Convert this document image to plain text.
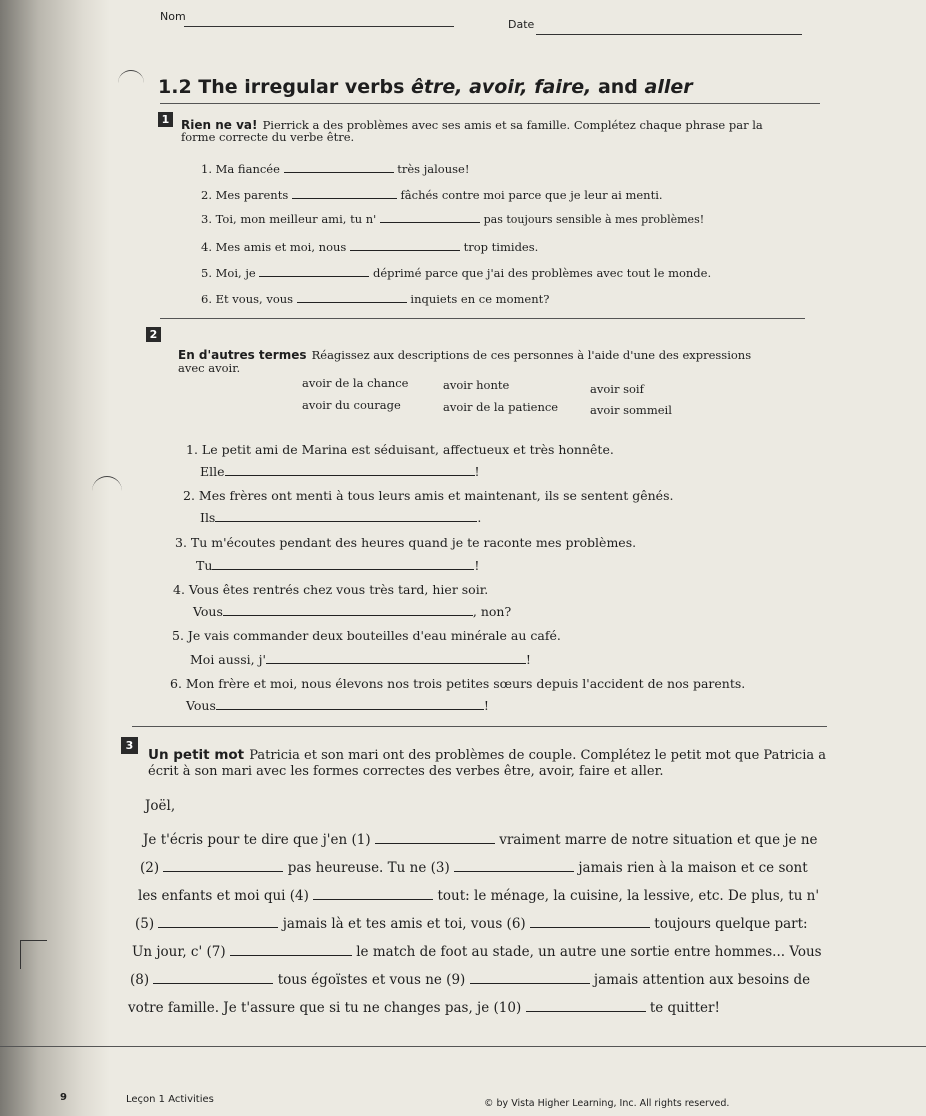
Nom
Date
1.2 The irregular verbs être, avoir, faire, and aller
1 Rien ne va! Pierrick a des problèmes avec ses amis et sa famille. Complétez chaque phrase par la
forme correcte du verbe être.
1. Ma fiancée	très jalouse!
2. Mes parents	fâchés contre moi parce que je leur ai menti.
3. Toi, mon meilleur ami, tu n'	pas toujours sensible à mes problèmes!
4. Mes amis et moi, nous	trop timides.
5. Moi, je	déprimé parce que j'ai des problèmes avec tout le monde.
6. Et vous, vous	inquiets en ce moment?
2
En d'autres termes Réagissez aux descriptions de ces personnes à l'aide d'une des expressions
avec avoir.
avoir de la chance	avoir honte	avoir soif
avoir du courage	avoir de la patience	avoir sommeil
1. Le petit ami de Marina est séduisant, affectueux et très honnête.
Elle	!
2. Mes frères ont menti à tous leurs amis et maintenant, ils se sentent gênés.
Ils	.
3. Tu m'écoutes pendant des heures quand je te raconte mes problèmes.
Tu	!
4. Vous êtes rentrés chez vous très tard, hier soir.
Vous	, non?
5. Je vais commander deux bouteilles d'eau minérale au café.
Moi aussi, j'	!
6. Mon frère et moi, nous élevons nos trois petites sœurs depuis l'accident de nos parents.
Vous	!
3
Un petit mot Patricia et son mari ont des problèmes de couple. Complétez le petit mot que Patricia a
écrit à son mari avec les formes correctes des verbes être, avoir, faire et aller.
Joël,
Je t'écris pour te dire que j'en (1)	vraiment marre de notre situation et que je ne
(2)	pas heureuse. Tu ne (3)	jamais rien à la maison et ce sont
les enfants et moi qui (4)	tout: le ménage, la cuisine, la lessive, etc. De plus, tu n'
(5)	jamais là et tes amis et toi, vous (6)	toujours quelque part:
Un jour, c' (7)	le match de foot au stade, un autre une sortie entre hommes... Vous
(8)	tous égoïstes et vous ne (9)	jamais attention aux besoins de
votre famille. Je t'assure que si tu ne changes pas, je (10)	te quitter!
9	Leçon 1 Activities	© by Vista Higher Learning, Inc. All rights reserved.
